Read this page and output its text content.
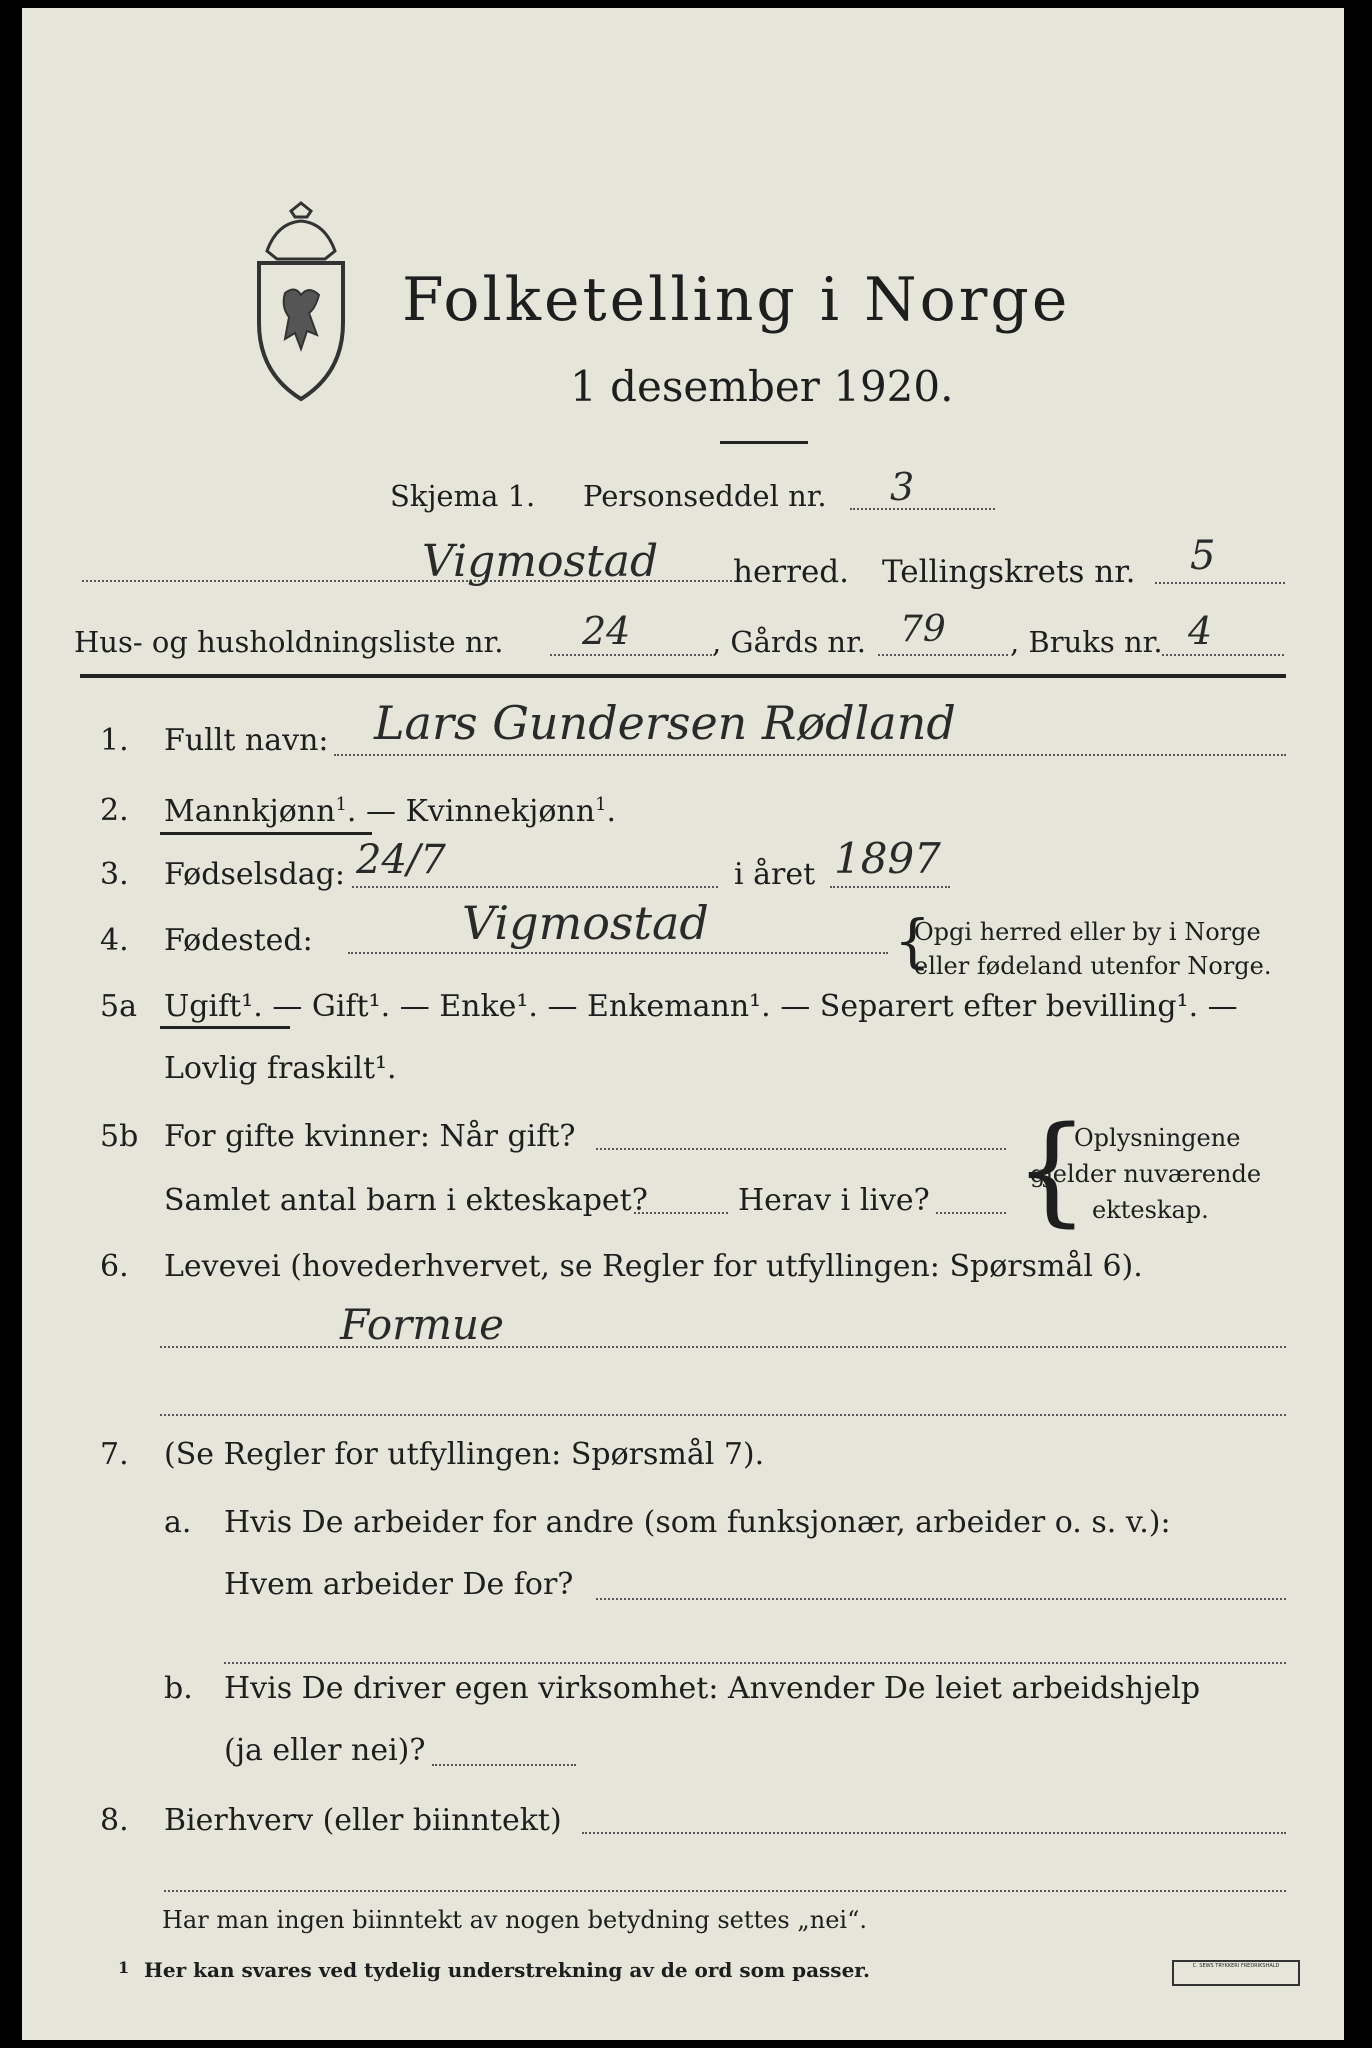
Folketelling i Norge
1 desember 1920.
Skjema 1. Personseddel nr. 3
Vigmostad herred. Tellingskrets nr. 5
Hus- og husholdningsliste nr. 24	, Gårds nr. 79 , Bruks nr. 4
1. Fullt navn: Lars Gundersen Rødland
2. Mannkjønn$^1$. — Kvinnekjønn$^1$.
3. Fødselsdag: 24/7	i året 1897
4. Fødested:	Vigmostad	{
Opgi herred eller by i Norge
eller fødeland utenfor Norge.
5a Ugift¹. — Gift¹. — Enke¹. — Enkemann¹. — Separert efter bevilling¹. —
Lovlig fraskilt¹.
5b For gifte kvinner: Når gift?
Samlet antal barn i ekteskapet?	Herav i live? {
Oplysningene
gjelder nuværende
ekteskap.
6. Levevei (hovederhvervet, se Regler for utfyllingen: Spørsmål 6).
Formue
7. (Se Regler for utfyllingen: Spørsmål 7).
a. Hvis De arbeider for andre (som funksjonær, arbeider o. s. v.):
Hvem arbeider De for?
b. Hvis De driver egen virksomhet: Anvender De leiet arbeidshjelp
(ja eller nei)?
8. Bierhverv (eller biinntekt)
Har man ingen biinntekt av nogen betydning settes „nei“.
1 Her kan svares ved tydelig understrekning av de ord som passer.	C. SEWS TRYKKERI FREDRIKSHALD
